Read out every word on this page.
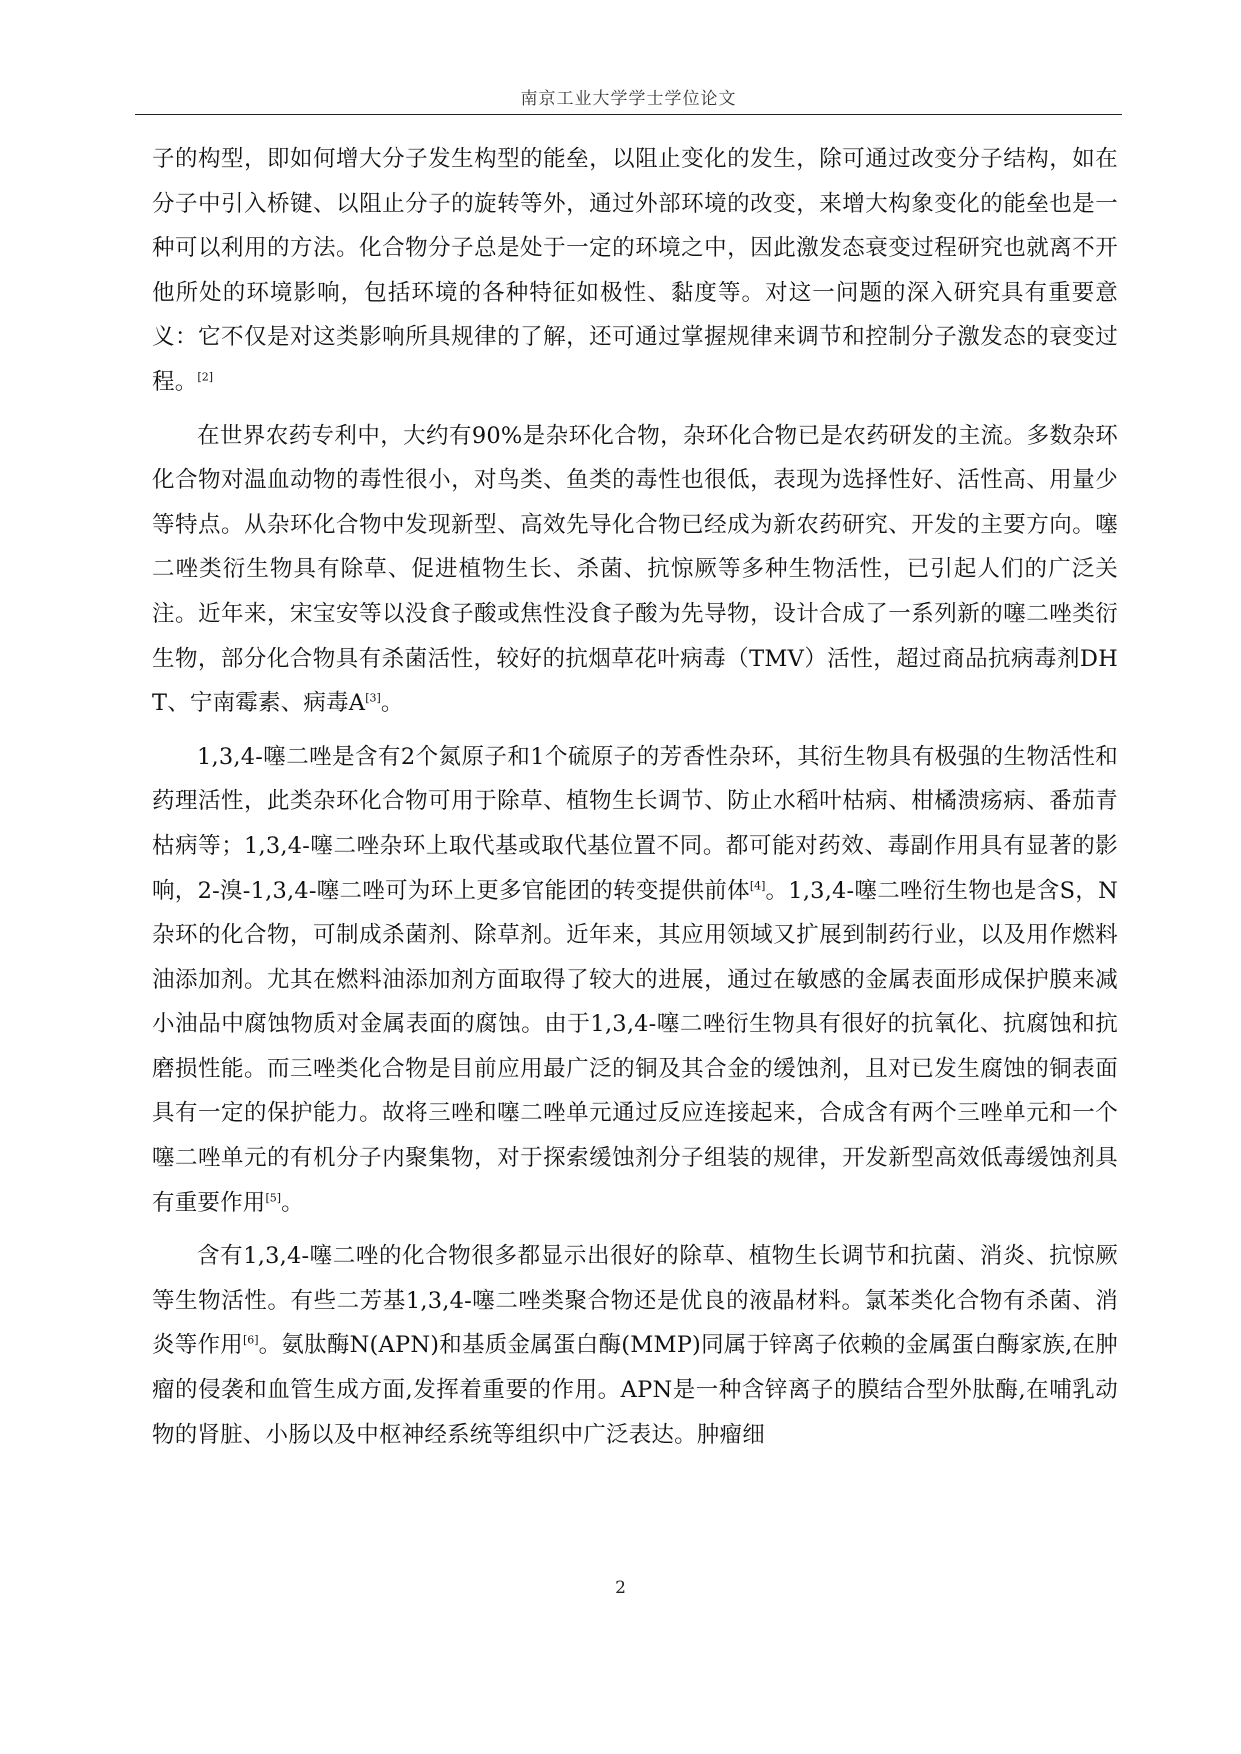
南京工业大学学士学位论文

子的构型，即如何增大分子发生构型的能垒，以阻止变化的发生，除可通过改变分子结构，如在分子中引入桥键、以阻止分子的旋转等外，通过外部环境的改变，来增大构象变化的能垒也是一种可以利用的方法。化合物分子总是处于一定的环境之中，因此激发态衰变过程研究也就离不开他所处的环境影响，包括环境的各种特征如极性、黏度等。对这一问题的深入研究具有重要意义：它不仅是对这类影响所具规律的了解，还可通过掌握规律来调节和控制分子激发态的衰变过程。[2]

在世界农药专利中，大约有90%是杂环化合物，杂环化合物已是农药研发的主流。多数杂环化合物对温血动物的毒性很小，对鸟类、鱼类的毒性也很低，表现为选择性好、活性高、用量少等特点。从杂环化合物中发现新型、高效先导化合物已经成为新农药研究、开发的主要方向。噻二唑类衍生物具有除草、促进植物生长、杀菌、抗惊厥等多种生物活性，已引起人们的广泛关注。近年来，宋宝安等以没食子酸或焦性没食子酸为先导物，设计合成了一系列新的噻二唑类衍生物，部分化合物具有杀菌活性，较好的抗烟草花叶病毒（TMV）活性，超过商品抗病毒剂DHT、宁南霉素、病毒A[3]。

1,3,4-噻二唑是含有2个氮原子和1个硫原子的芳香性杂环，其衍生物具有极强的生物活性和药理活性，此类杂环化合物可用于除草、植物生长调节、防止水稻叶枯病、柑橘溃疡病、番茄青枯病等；1,3,4-噻二唑杂环上取代基或取代基位置不同。都可能对药效、毒副作用具有显著的影响，2-溴-1,3,4-噻二唑可为环上更多官能团的转变提供前体[4]。1,3,4-噻二唑衍生物也是含S，N杂环的化合物，可制成杀菌剂、除草剂。近年来，其应用领域又扩展到制药行业，以及用作燃料油添加剂。尤其在燃料油添加剂方面取得了较大的进展，通过在敏感的金属表面形成保护膜来减小油品中腐蚀物质对金属表面的腐蚀。由于1,3,4-噻二唑衍生物具有很好的抗氧化、抗腐蚀和抗磨损性能。而三唑类化合物是目前应用最广泛的铜及其合金的缓蚀剂，且对已发生腐蚀的铜表面具有一定的保护能力。故将三唑和噻二唑单元通过反应连接起来，合成含有两个三唑单元和一个噻二唑单元的有机分子内聚集物，对于探索缓蚀剂分子组装的规律，开发新型高效低毒缓蚀剂具有重要作用[5]。

含有1,3,4-噻二唑的化合物很多都显示出很好的除草、植物生长调节和抗菌、消炎、抗惊厥等生物活性。有些二芳基1,3,4-噻二唑类聚合物还是优良的液晶材料。氯苯类化合物有杀菌、消炎等作用[6]。氨肽酶N(APN)和基质金属蛋白酶(MMP)同属于锌离子依赖的金属蛋白酶家族,在肿瘤的侵袭和血管生成方面,发挥着重要的作用。APN是一种含锌离子的膜结合型外肽酶,在哺乳动物的肾脏、小肠以及中枢神经系统等组织中广泛表达。肿瘤细

2
